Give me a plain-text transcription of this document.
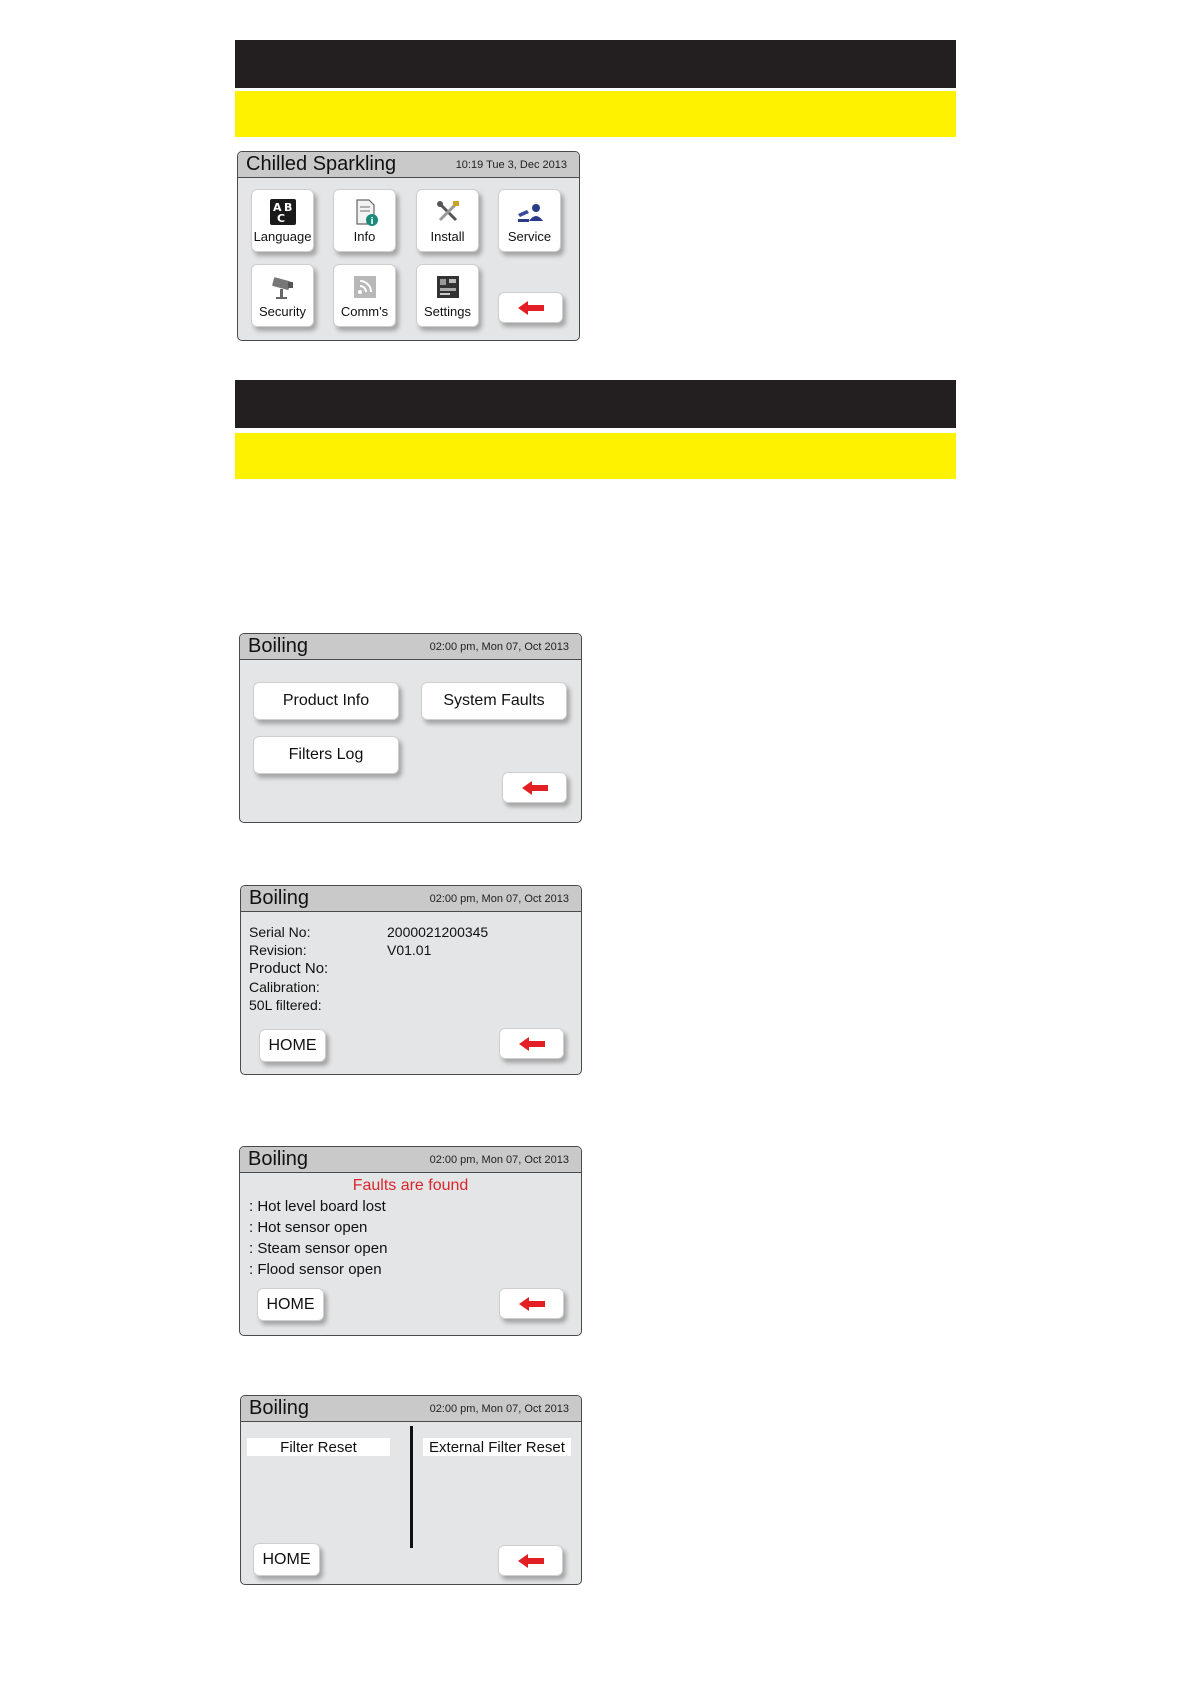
Chilled Sparkling	10:19 Tue 3, Dec 2013
A B
C
Language
i
Info	Install	Service
Security	Comm's	Settings
Boiling	02:00 pm, Mon 07, Oct 2013
Product Info	System Faults
Filters Log
Boiling	02:00 pm, Mon 07, Oct 2013
Serial No:	2000021200345
Revision:	V01.01
Product No:
Calibration:
50L filtered:
HOME
Boiling	02:00 pm, Mon 07, Oct 2013
Faults are found
: Hot level board lost
: Hot sensor open
: Steam sensor open
: Flood sensor open
HOME
Boiling	02:00 pm, Mon 07, Oct 2013
Filter Reset	External Filter Reset
HOME
